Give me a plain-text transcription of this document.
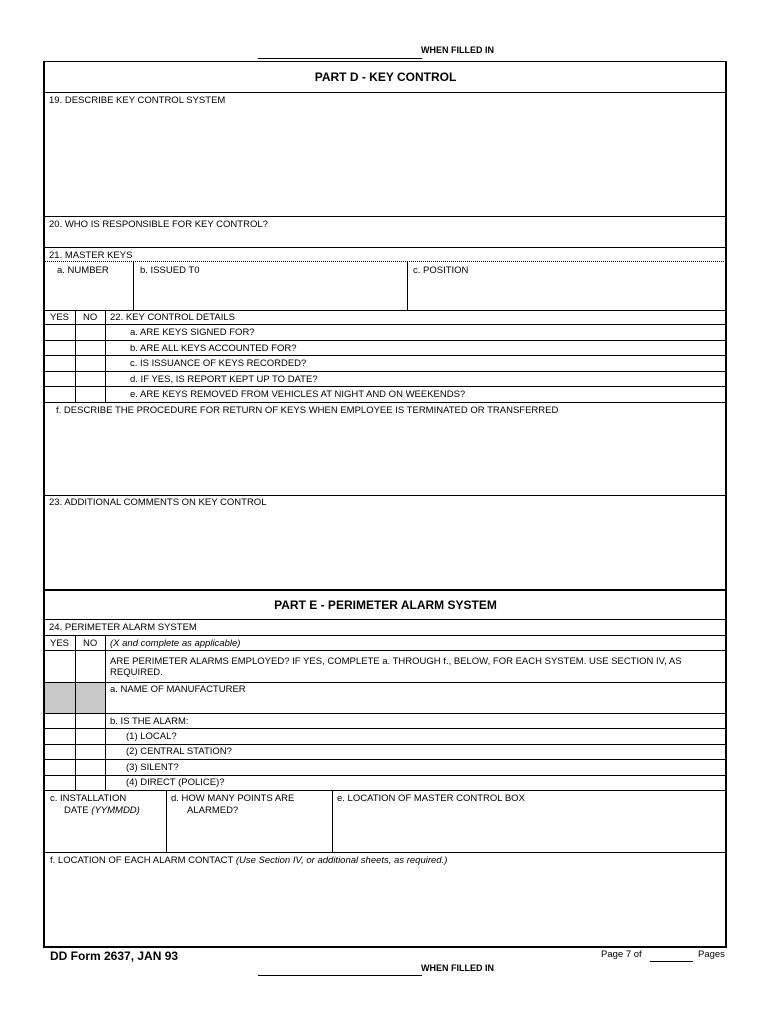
WHEN FILLED IN
PART D - KEY CONTROL
19. DESCRIBE KEY CONTROL SYSTEM
20. WHO IS RESPONSIBLE FOR KEY CONTROL?
21. MASTER KEYS
a. NUMBER	b. ISSUED T0	c. POSITION
YES NO 22. KEY CONTROL DETAILS
a. ARE KEYS SIGNED FOR?
b. ARE ALL KEYS ACCOUNTED FOR?
c. IS ISSUANCE OF KEYS RECORDED?
d. IF YES, IS REPORT KEPT UP TO DATE?
e. ARE KEYS REMOVED FROM VEHICLES AT NIGHT AND ON WEEKENDS?
f. DESCRIBE THE PROCEDURE FOR RETURN OF KEYS WHEN EMPLOYEE IS TERMINATED OR TRANSFERRED
23. ADDITIONAL COMMENTS ON KEY CONTROL
PART E - PERIMETER ALARM SYSTEM
24. PERIMETER ALARM SYSTEM
YES NO (X and complete as applicable)
ARE PERIMETER ALARMS EMPLOYED? IF YES, COMPLETE a. THROUGH f., BELOW, FOR EACH SYSTEM. USE SECTION IV, AS REQUIRED.
a. NAME OF MANUFACTURER
b. IS THE ALARM:
(1) LOCAL?
(2) CENTRAL STATION?
(3) SILENT?
(4) DIRECT (POLICE)?
c. INSTALLATION
DATE (YYMMDD)
d. HOW MANY POINTS ARE
ALARMED?
e. LOCATION OF MASTER CONTROL BOX
f. LOCATION OF EACH ALARM CONTACT (Use Section IV, or additional sheets, as required.)
DD Form 2637, JAN 93	Page 7 of	Pages
WHEN FILLED IN
